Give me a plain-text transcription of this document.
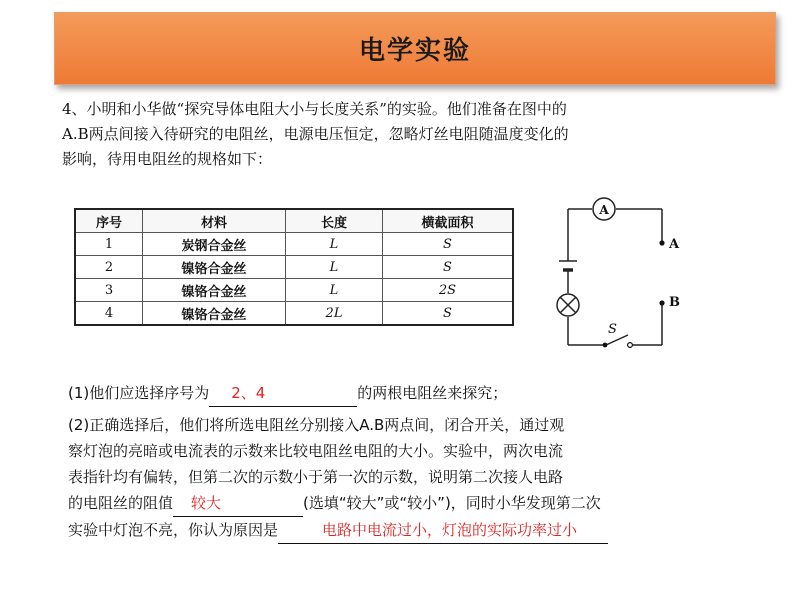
电学实验
4、小明和小华做“探究导体电阻大小与长度关系”的实验。他们准备在图中的
A.B两点间接入待研究的电阻丝，电源电压恒定，忽略灯丝电阻随温度变化的
影响，待用电阻丝的规格如下：
序号	材料	长度	横截面积
1	炭钢合金丝	L	S
2	镍铬合金丝	L	S
3	镍铬合金丝	L	2S
4	镍铬合金丝	2L	S
A
A
B
S
(1)他们应选择序号为 2、4	的两根电阻丝来探究；
(2)正确选择后，他们将所选电阻丝分别接入A.B两点间，闭合开关，通过观
察灯泡的亮暗或电流表的示数来比较电阻丝电阻的大小。实验中，两次电流
表指针均有偏转，但第二次的示数小于第一次的示数，说明第二次接人电路
的电阻丝的阻值 较大	(选填“较大”或“较小”)，同时小华发现第二次
实验中灯泡不亮，你认为原因是	电路中电流过小，灯泡的实际功率过小
